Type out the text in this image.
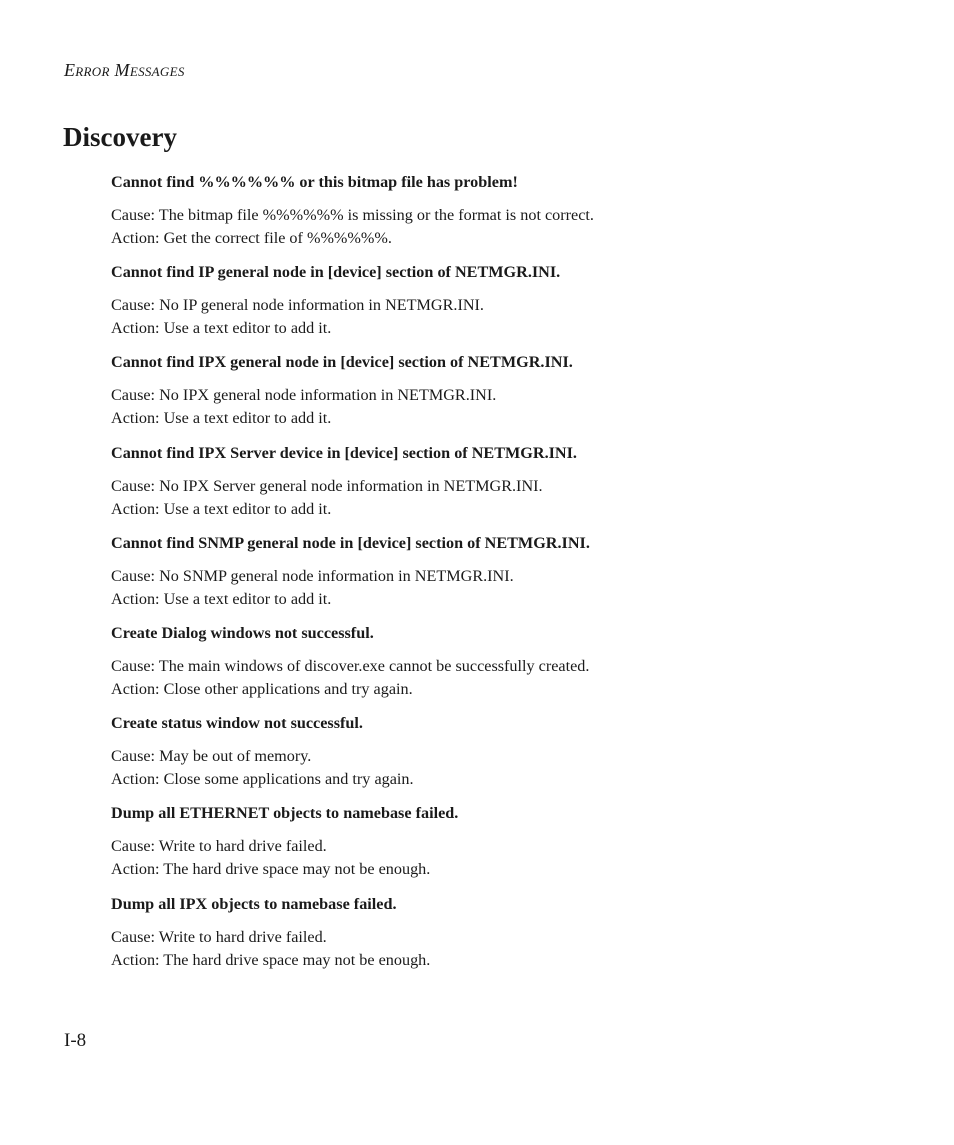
ERROR MESSAGES
Discovery
Cannot find %%%%%% or this bitmap file has problem!
Cause: The bitmap file %%%%%% is missing or the format is not correct.
Action: Get the correct file of %%%%%%.
Cannot find IP general node in [device] section of NETMGR.INI.
Cause: No IP general node information in NETMGR.INI.
Action: Use a text editor to add it.
Cannot find IPX general node in [device] section of NETMGR.INI.
Cause: No IPX general node information in NETMGR.INI.
Action: Use a text editor to add it.
Cannot find IPX Server device in [device] section of NETMGR.INI.
Cause: No IPX Server general node information in NETMGR.INI.
Action: Use a text editor to add it.
Cannot find SNMP general node in [device] section of NETMGR.INI.
Cause: No SNMP general node information in NETMGR.INI.
Action: Use a text editor to add it.
Create Dialog windows not successful.
Cause: The main windows of discover.exe cannot be successfully created.
Action: Close other applications and try again.
Create status window not successful.
Cause: May be out of memory.
Action: Close some applications and try again.
Dump all ETHERNET objects to namebase failed.
Cause: Write to hard drive failed.
Action: The hard drive space may not be enough.
Dump all IPX objects to namebase failed.
Cause: Write to hard drive failed.
Action: The hard drive space may not be enough.
I-8
